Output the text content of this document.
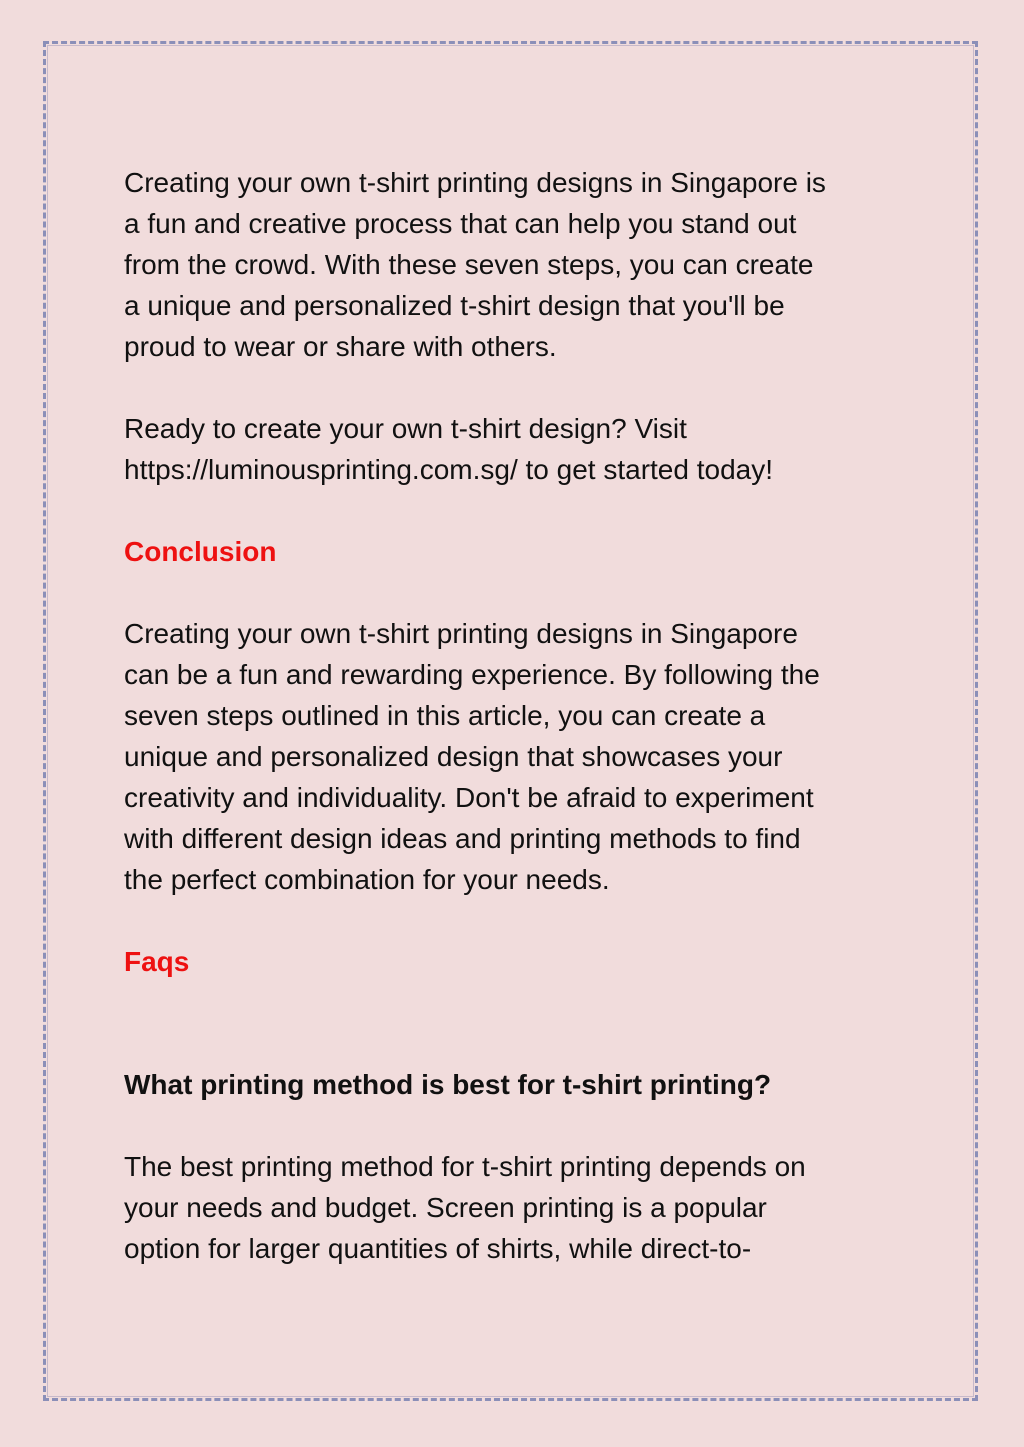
Creating your own t-shirt printing designs in Singapore is
a fun and creative process that can help you stand out
from the crowd. With these seven steps, you can create
a unique and personalized t-shirt design that you'll be
proud to wear or share with others.

Ready to create your own t-shirt design? Visit
https://luminousprinting.com.sg/ to get started today!

Conclusion

Creating your own t-shirt printing designs in Singapore
can be a fun and rewarding experience. By following the
seven steps outlined in this article, you can create a
unique and personalized design that showcases your
creativity and individuality. Don't be afraid to experiment
with different design ideas and printing methods to find
the perfect combination for your needs.

Faqs
What printing method is best for t-shirt printing?

The best printing method for t-shirt printing depends on
your needs and budget. Screen printing is a popular
option for larger quantities of shirts, while direct-to-
